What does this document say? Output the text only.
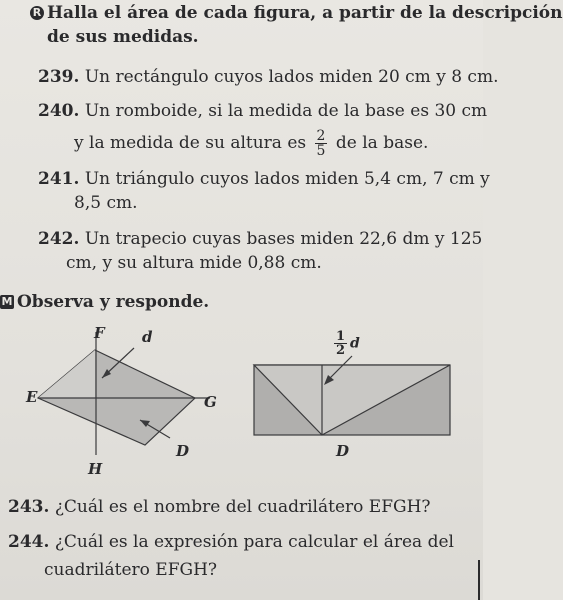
R Halla el área de cada figura, a partir de la descripción
de sus medidas.
239. Un rectángulo cuyos lados miden 20 cm y 8 cm.
240. Un romboide, si la medida de la base es 30 cm
y la medida de su altura es $\frac{2}{5}$ de la base.
241. Un triángulo cuyos lados miden 5,4 cm, 7 cm y
8,5 cm.
242. Un trapecio cuyas bases miden 22,6 dm y 125
cm, y su altura mide 0,88 cm.
M Observa y responde.
F d
E	G
D
H
$\frac{1}{2}$ d
D
243. ¿Cuál es el nombre del cuadrilátero EFGH?
244. ¿Cuál es la expresión para calcular el área del
cuadrilátero EFGH?
